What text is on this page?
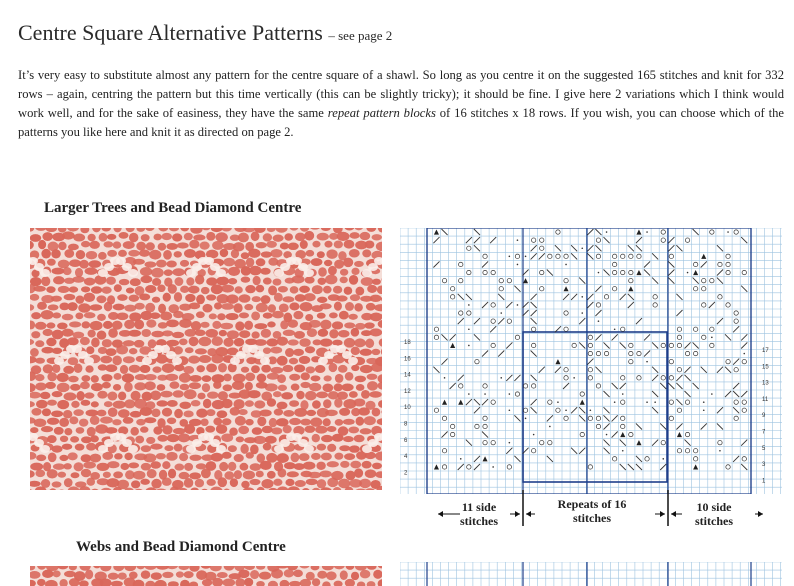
Centre Square Alternative Patterns – see page 2
It’s very easy to substitute almost any pattern for the centre square of a shawl. So long as you centre it on the suggested 165 stitches and knit for 332 rows – again, centring the pattern but this time vertically (this can be slightly tricky); it should be fine. I give here 2 variations which I think would work well, and for the sake of easiness, they have the same repeat pattern blocks of 16 stitches x 18 rows. If you wish, you can choose which of the patterns you like here and knit it as directed on page 2.
Larger Trees and Bead Diamond Centre
18
16
14
12
10
8
6
4
2
17
15
13
11
9
7
5
3
1
11 side
stitches
Repeats of 16
stitches
10 side
stitches
Webs and Bead Diamond Centre
